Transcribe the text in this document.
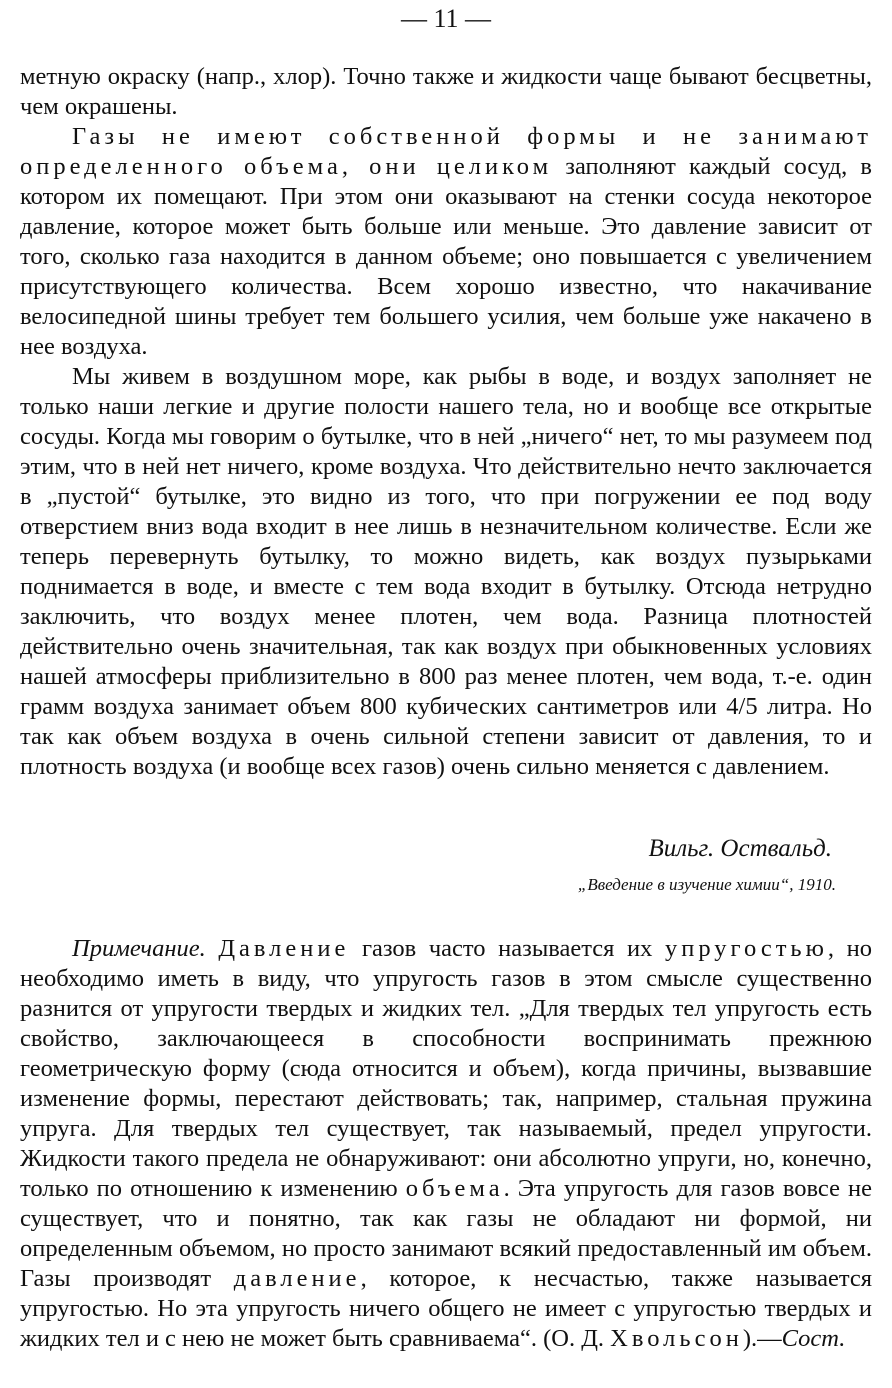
— 11 —
метную окраску (напр., хлор). Точно также и жидкости чаще бывают бесцветны, чем окрашены.
Газы не имеют собственной формы и не занимают определенного объема, они целиком заполняют каждый сосуд, в котором их помещают. При этом они оказывают на стенки сосуда некоторое давление, которое может быть больше или меньше. Это давление зависит от того, сколько газа находится в данном объеме; оно повышается с увеличением присутствующего количества. Всем хорошо известно, что накачивание велосипедной шины требует тем большего усилия, чем больше уже накачено в нее воздуха.
Мы живем в воздушном море, как рыбы в воде, и воздух заполняет не только наши легкие и другие полости нашего тела, но и вообще все открытые сосуды. Когда мы говорим о бутылке, что в ней „ничего“ нет, то мы разумеем под этим, что в ней нет ничего, кроме воздуха. Что действительно нечто заключается в „пустой“ бутылке, это видно из того, что при погружении ее под воду отверстием вниз вода входит в нее лишь в незначительном количестве. Если же теперь перевернуть бутылку, то можно видеть, как воздух пузырьками поднимается в воде, и вместе с тем вода входит в бутылку. Отсюда нетрудно заключить, что воздух менее плотен, чем вода. Разница плотностей действительно очень значительная, так как воздух при обыкновенных условиях нашей атмосферы приблизительно в 800 раз менее плотен, чем вода, т.-е. один грамм воздуха занимает объем 800 кубических сантиметров или 4/5 литра. Но так как объем воздуха в очень сильной степени зависит от давления, то и плотность воздуха (и вообще всех газов) очень сильно меняется с давлением.
Вильг. Оствальд.
„Введение в изучение химии“, 1910.
Примечание. Давление газов часто называется их упругостью, но необходимо иметь в виду, что упругость газов в этом смысле существенно разнится от упругости твердых и жидких тел. „Для твердых тел упругость есть свойство, заключающееся в способности воспринимать прежнюю геометрическую форму (сюда относится и объем), когда причины, вызвавшие изменение формы, перестают действовать; так, например, стальная пружина упруга. Для твердых тел существует, так называемый, предел упругости. Жидкости такого предела не обнаруживают: они абсолютно упруги, но, конечно, только по отношению к изменению объема. Эта упругость для газов вовсе не существует, что и понятно, так как газы не обладают ни формой, ни определенным объемом, но просто занимают всякий предоставленный им объем. Газы производят давление, которое, к несчастью, также называется упругостью. Но эта упругость ничего общего не имеет с упругостью твердых и жидких тел и с нею не может быть сравниваема“. (О. Д. Хвольсон).—Сост.
